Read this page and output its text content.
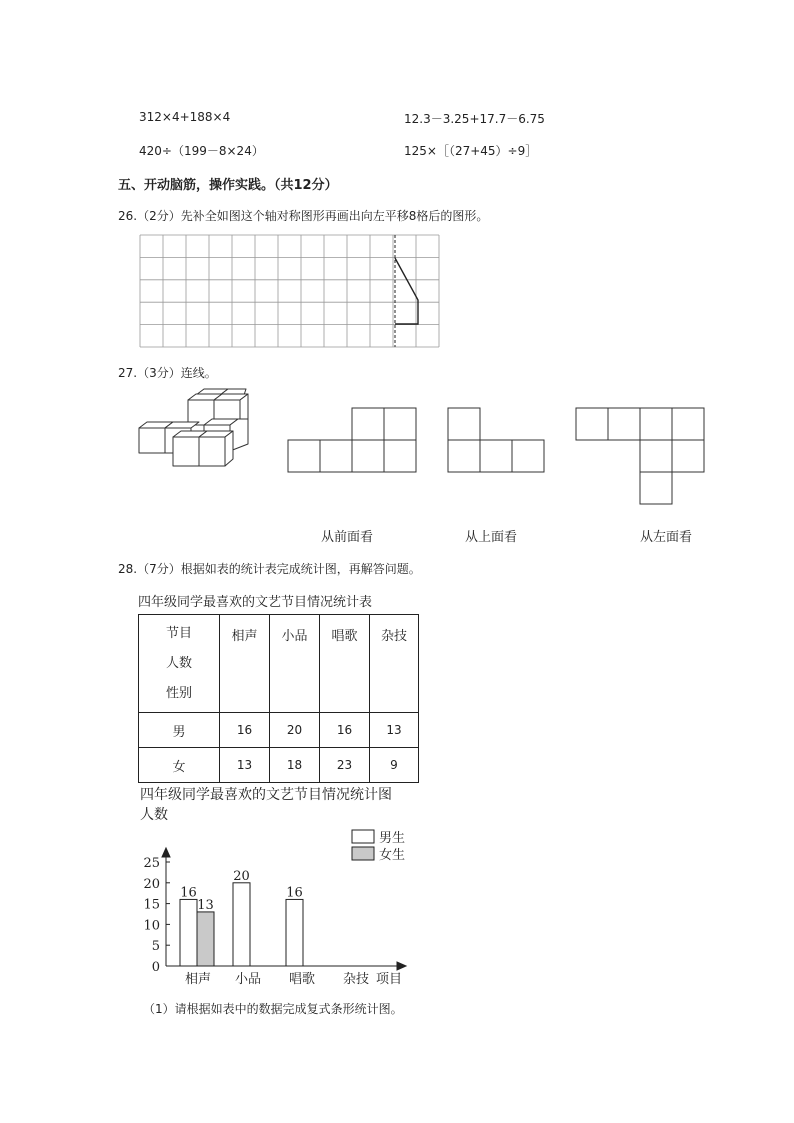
312×4+188×4	12.3－3.25+17.7－6.75
420÷（199－8×24）	125×［（27+45）÷9］
五、开动脑筋，操作实践。（共12分）
26.（2分）先补全如图这个轴对称图形再画出向左平移8格后的图形。
27.（3分）连线。
从前面看	从上面看	从左面看
28.（7分）根据如表的统计表完成统计图，再解答问题。
四年级同学最喜欢的文艺节目情况统计表
节目
人数
性别	相声	小品	唱歌	杂技
男	16	20	16	13
女	13	18	23	9
四年级同学最喜欢的文艺节目情况统计图
人数
0
5
10
15
20
25
相声 小品 唱歌 杂技 项目
16
20
16
13
男生
女生
（1）请根据如表中的数据完成复式条形统计图。
